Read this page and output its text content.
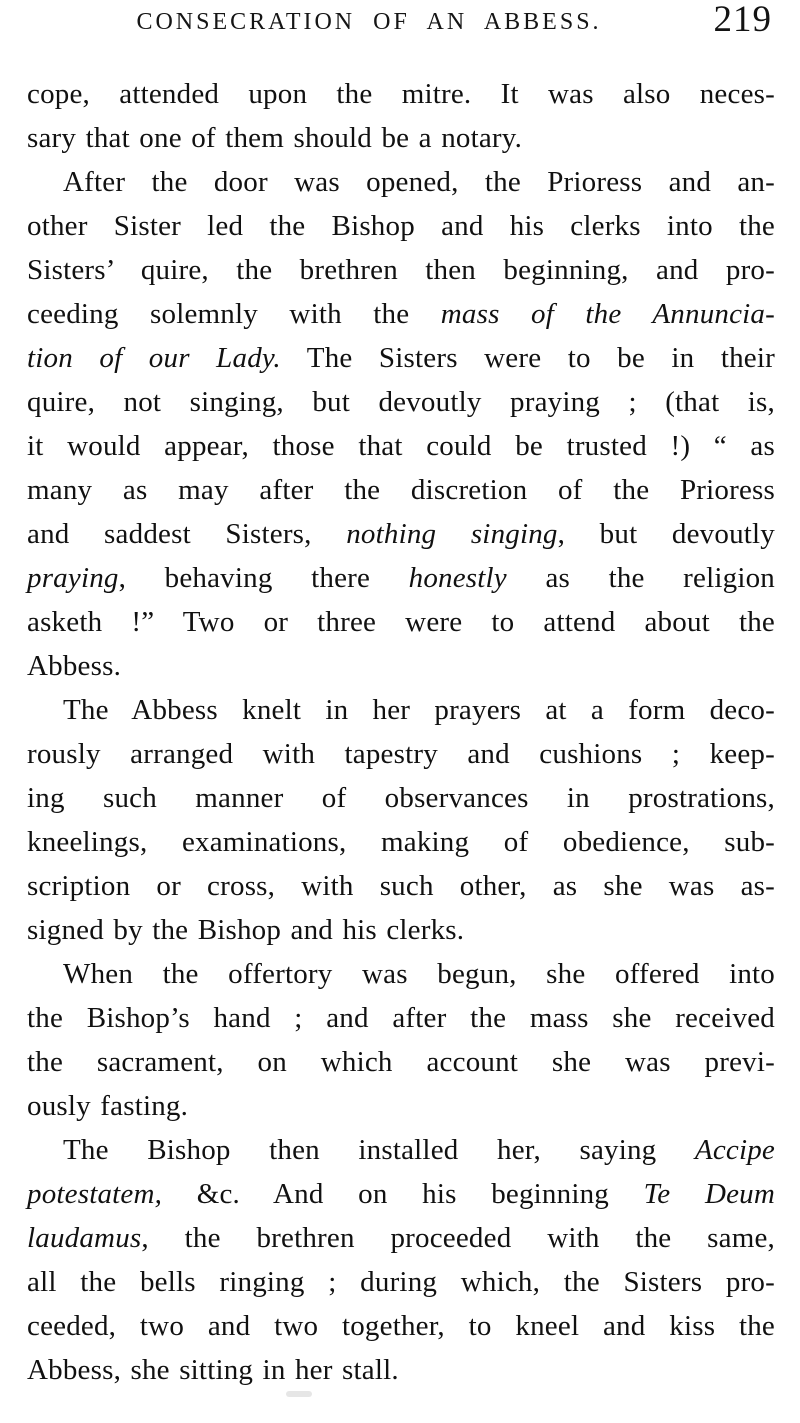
CONSECRATION OF AN ABBESS.	219
cope, attended upon the mitre. It was also neces-
sary that one of them should be a notary.
After the door was opened, the Prioress and an-
other Sister led the Bishop and his clerks into the
Sisters’ quire, the brethren then beginning, and pro-
ceeding solemnly with the mass of the Annuncia-
tion of our Lady. The Sisters were to be in their
quire, not singing, but devoutly praying ; (that is,
it would appear, those that could be trusted !) “ as
many as may after the discretion of the Prioress
and saddest Sisters, nothing singing, but devoutly
praying, behaving there honestly as the religion
asketh !” Two or three were to attend about the
Abbess.
The Abbess knelt in her prayers at a form deco-
rously arranged with tapestry and cushions ; keep-
ing such manner of observances in prostrations,
kneelings, examinations, making of obedience, sub-
scription or cross, with such other, as she was as-
signed by the Bishop and his clerks.
When the offertory was begun, she offered into
the Bishop’s hand ; and after the mass she received
the sacrament, on which account she was previ-
ously fasting.
The Bishop then installed her, saying Accipe
potestatem, &c. And on his beginning Te Deum
laudamus, the brethren proceeded with the same,
all the bells ringing ; during which, the Sisters pro-
ceeded, two and two together, to kneel and kiss the
Abbess, she sitting in her stall.
